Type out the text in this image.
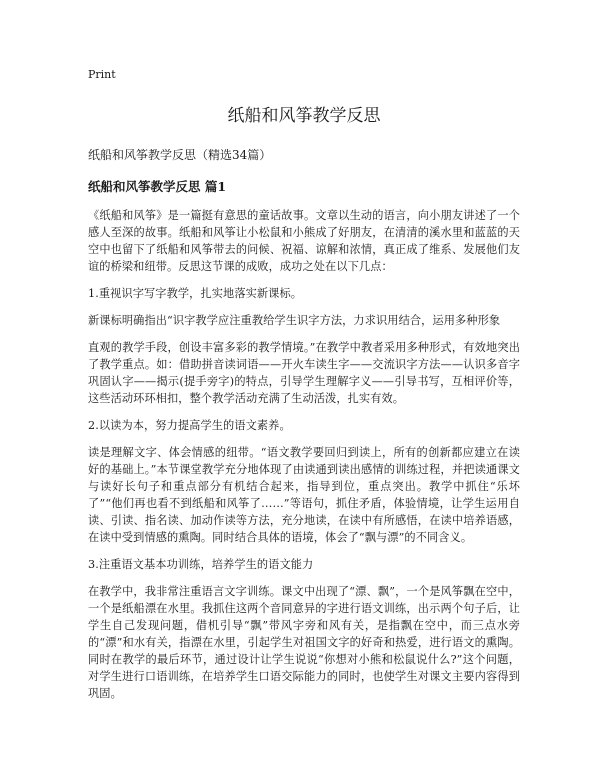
Print

纸船和风筝教学反思

纸船和风筝教学反思（精选34篇）

纸船和风筝教学反思 篇1

《纸船和风筝》是一篇挺有意思的童话故事。文章以生动的语言，向小朋友讲述了一个感人至深的故事。纸船和风筝让小松鼠和小熊成了好朋友，在清清的溪水里和蓝蓝的天空中也留下了纸船和风筝带去的问候、祝福、谅解和浓情，真正成了维系、发展他们友谊的桥梁和纽带。反思这节课的成败，成功之处在以下几点：

1.重视识字写字教学，扎实地落实新课标。

新课标明确指出“识字教学应注重教给学生识字方法，力求识用结合，运用多种形象

直观的教学手段，创设丰富多彩的教学情境。”在教学中教者采用多种形式，有效地突出了教学重点。如：借助拼音读词语——开火车读生字——交流识字方法——认识多音字巩固认字——揭示(提手旁字)的特点，引导学生理解字义——引导书写，互相评价等，这些活动环环相扣，整个教学活动充满了生动活泼，扎实有效。

2.以读为本，努力提高学生的语文素养。

读是理解文字、体会情感的纽带。“语文教学要回归到读上，所有的创新都应建立在读好的基础上。”本节课堂教学充分地体现了由读通到读出感情的训练过程，并把读通课文与读好长句子和重点部分有机结合起来，指导到位，重点突出。教学中抓住“乐坏了”“他们再也看不到纸船和风筝了……”等语句，抓住矛盾，体验情境，让学生运用自读、引读、指名读、加动作读等方法，充分地读，在读中有所感悟，在读中培养语感，在读中受到情感的熏陶。同时结合具体的语境，体会了“飘与漂”的不同含义。

3.注重语文基本功训练，培养学生的语文能力

在教学中，我非常注重语言文字训练。课文中出现了“漂、飘”，一个是风筝飘在空中，一个是纸船漂在水里。我抓住这两个音同意异的字进行语文训练，出示两个句子后，让学生自己发现问题，借机引导“飘”带风字旁和风有关，是指飘在空中，而三点水旁的“漂”和水有关，指漂在水里，引起学生对祖国文字的好奇和热爱，进行语文的熏陶。同时在教学的最后环节，通过设计让学生说说“你想对小熊和松鼠说什么?”这个问题，对学生进行口语训练，在培养学生口语交际能力的同时，也使学生对课文主要内容得到巩固。
